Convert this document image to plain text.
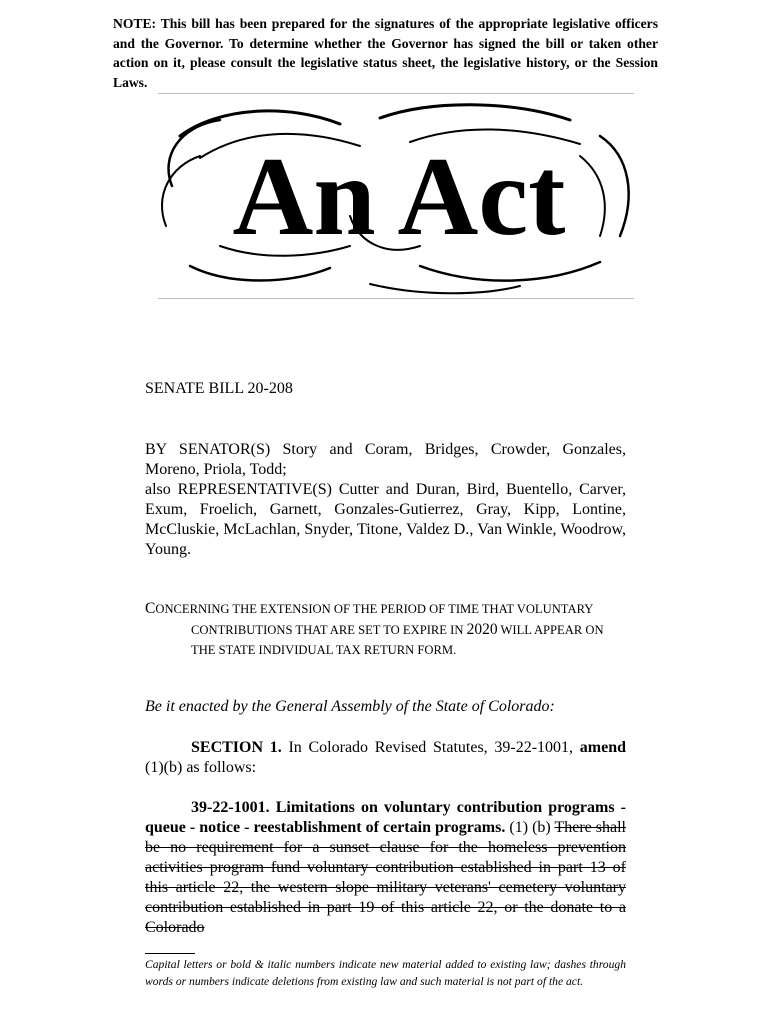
NOTE: This bill has been prepared for the signatures of the appropriate legislative officers and the Governor. To determine whether the Governor has signed the bill or taken other action on it, please consult the legislative status sheet, the legislative history, or the Session Laws.
An Act
SENATE BILL 20-208

BY SENATOR(S) Story and Coram, Bridges, Crowder, Gonzales, Moreno, Priola, Todd;

also REPRESENTATIVE(S) Cutter and Duran, Bird, Buentello, Carver, Exum, Froelich, Garnett, Gonzales-Gutierrez, Gray, Kipp, Lontine, McCluskie, McLachlan, Snyder, Titone, Valdez D., Van Winkle, Woodrow, Young.

CONCERNING THE EXTENSION OF THE PERIOD OF TIME THAT VOLUNTARY
CONTRIBUTIONS THAT ARE SET TO EXPIRE IN 2020 WILL APPEAR ON
THE STATE INDIVIDUAL TAX RETURN FORM.
Be it enacted by the General Assembly of the State of Colorado:
SECTION 1. In Colorado Revised Statutes, 39-22-1001, amend (1)(b) as follows:
39-22-1001. Limitations on voluntary contribution programs - queue - notice - reestablishment of certain programs. (1) (b) There shall be no requirement for a sunset clause for the homeless prevention activities program fund voluntary contribution established in part 13 of this article 22, the western slope military veterans' cemetery voluntary contribution established in part 19 of this article 22, or the donate to a Colorado
Capital letters or bold & italic numbers indicate new material added to existing law; dashes through words or numbers indicate deletions from existing law and such material is not part of the act.
